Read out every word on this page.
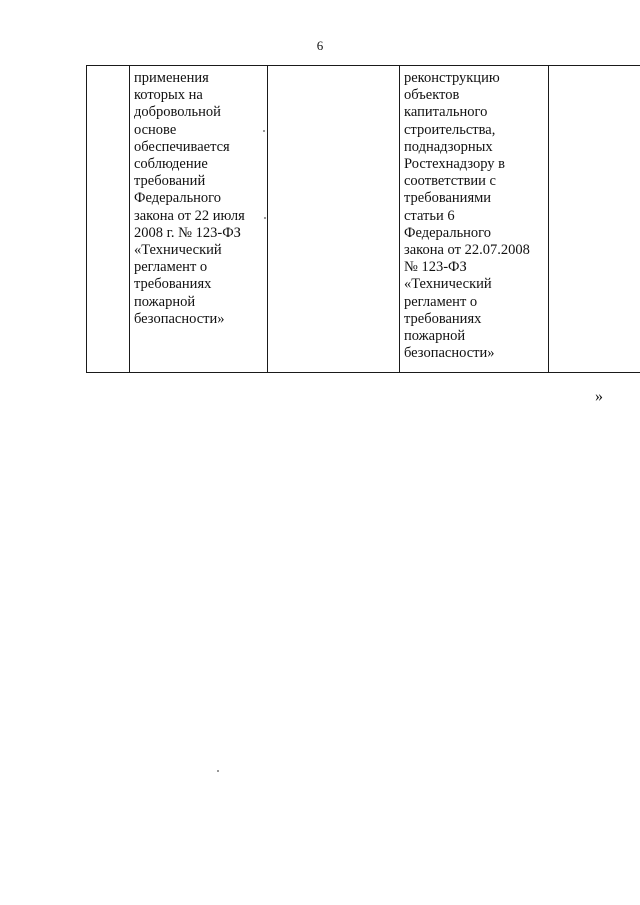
6
	применения
которых на
добровольной
основе
обеспечивается
соблюдение
требований
Федерального
закона от 22 июля
2008 г. № 123-ФЗ
«Технический
регламент о
требованиях
пожарной
безопасности»		реконструкцию
объектов
капитального
строительства,
поднадзорных
Ростехнадзору в
соответствии с
требованиями
статьи 6
Федерального
закона от 22.07.2008
№ 123-ФЗ
«Технический
регламент о
требованиях
пожарной
безопасности»	
»
